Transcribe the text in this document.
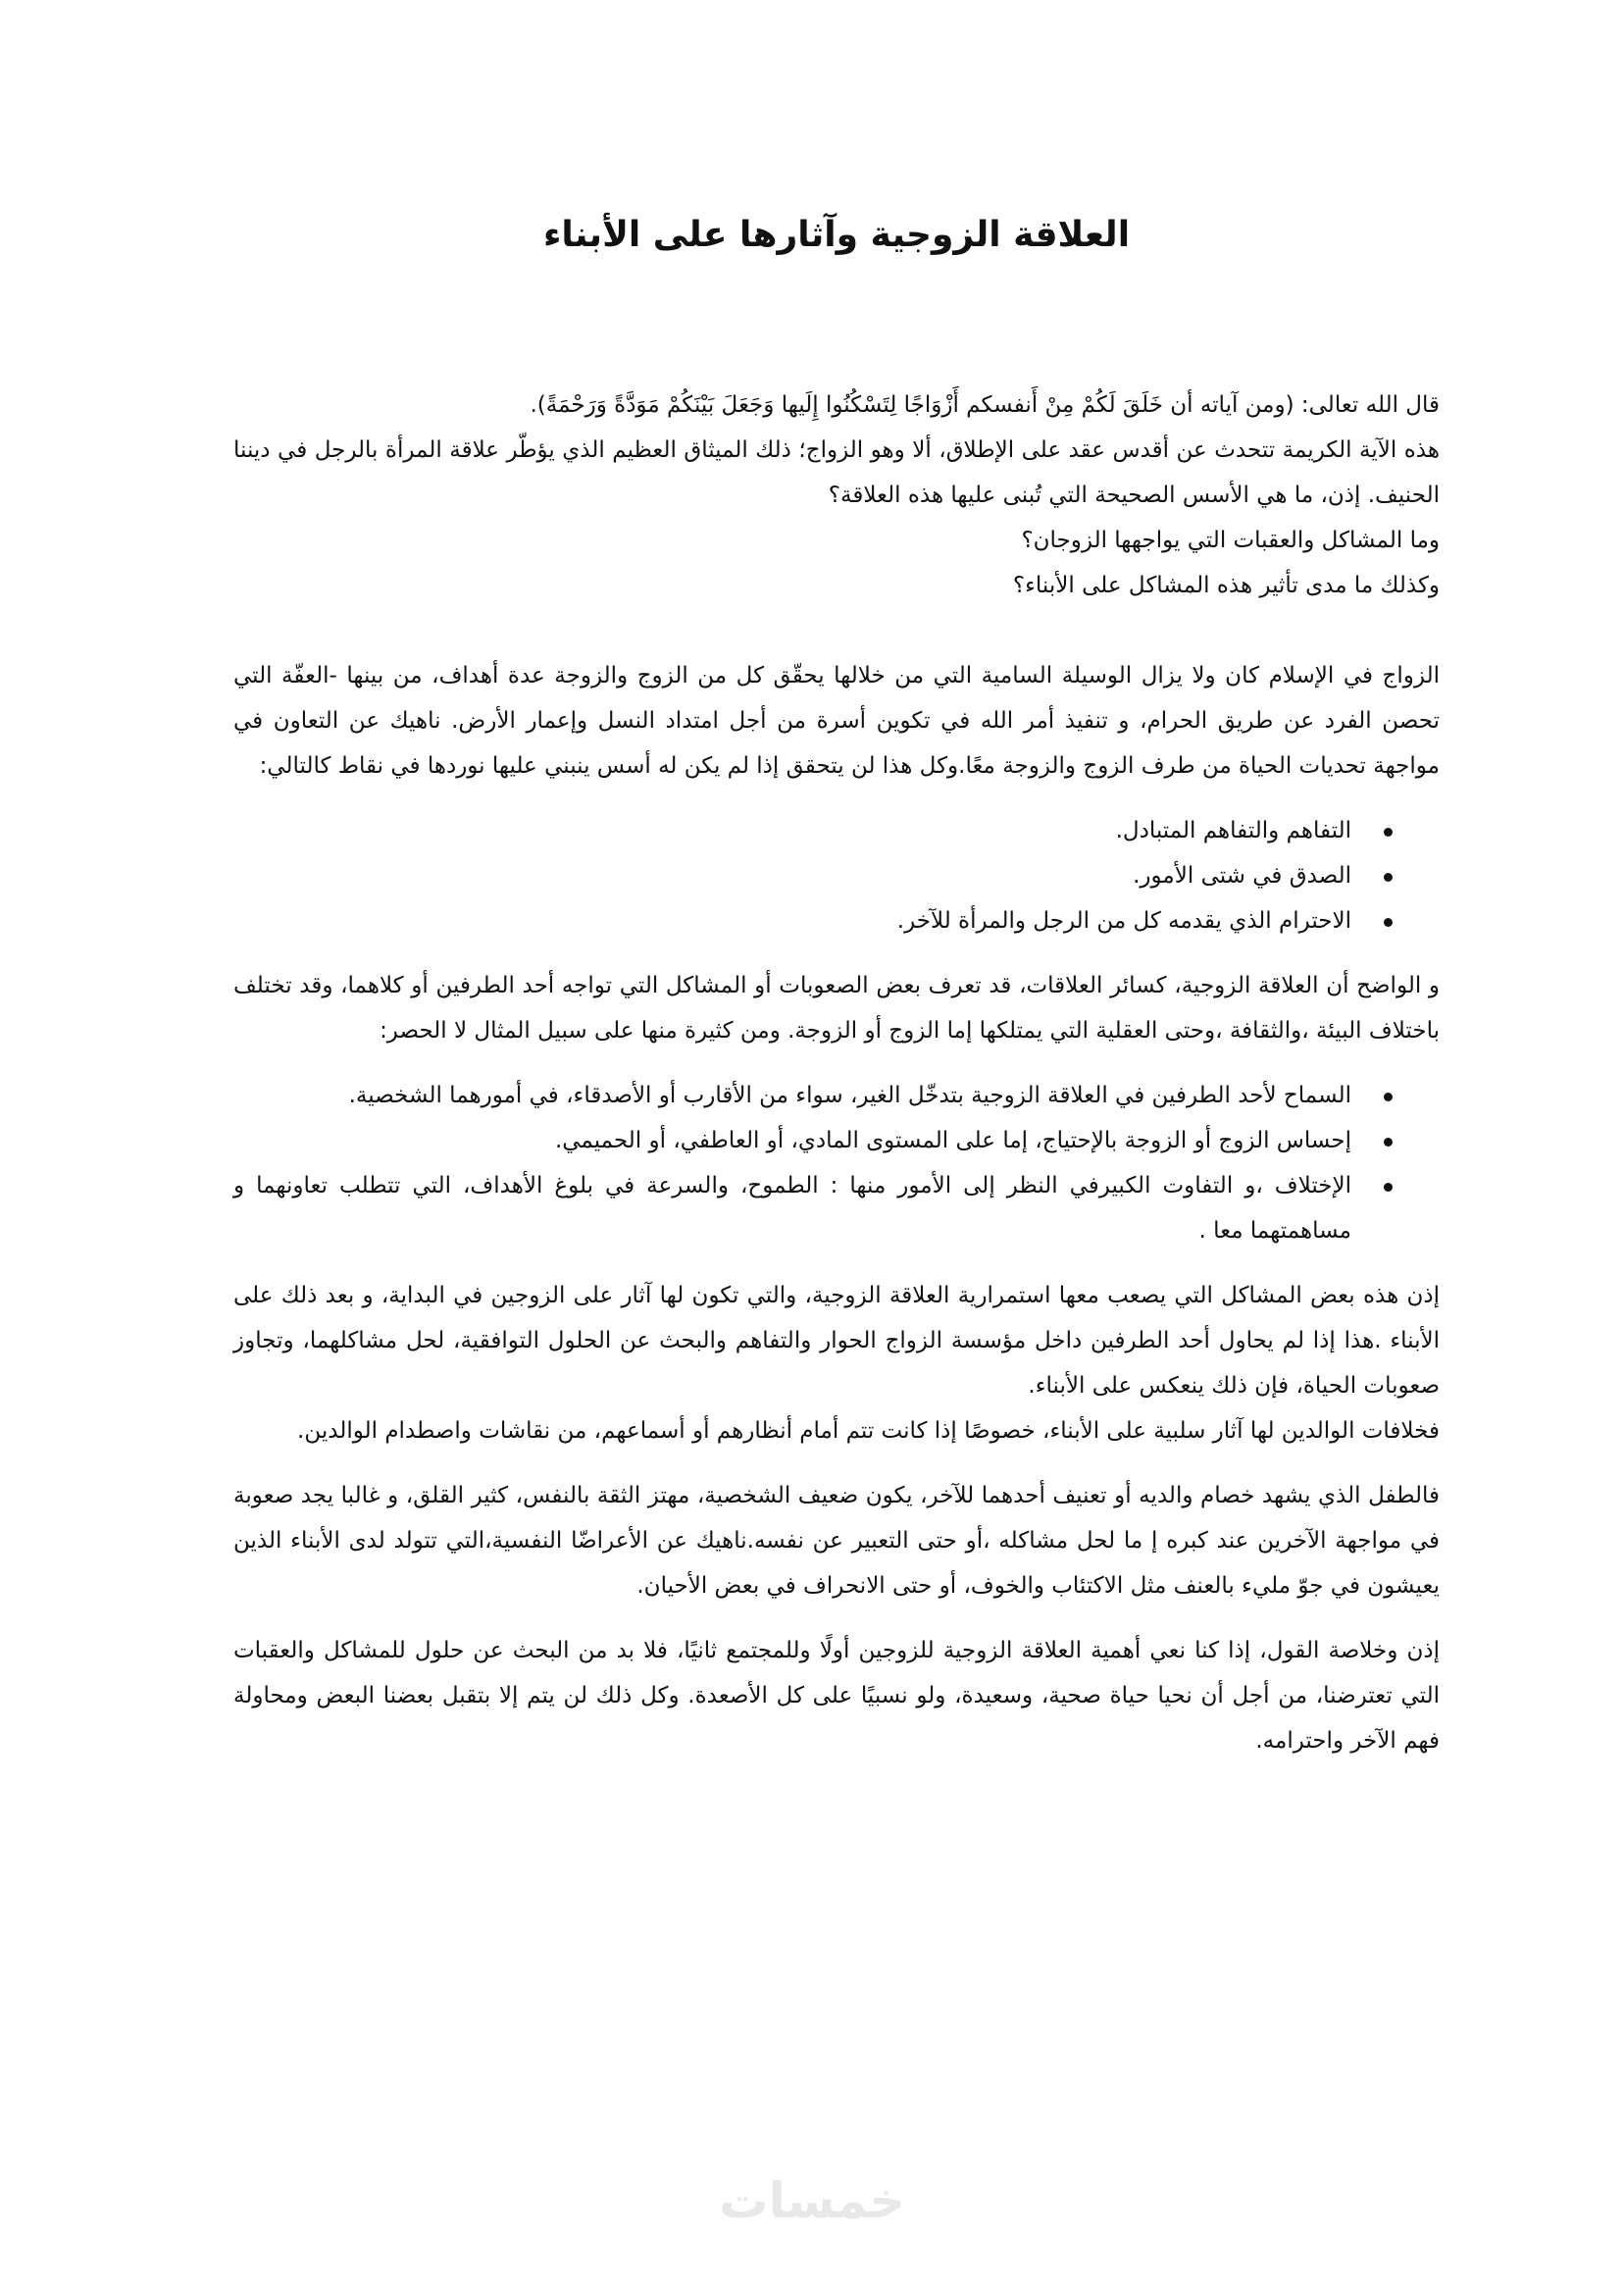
العلاقة الزوجية وآثارها على الأبناء

قال الله تعالى: (ومن آياته أن خَلَقَ لَكُمْ مِنْ أَنفسكم أَزْوَاجًا لِتَسْكُنُوا إِلَيها وَجَعَلَ بَيْنَكُمْ مَوَدَّةً وَرَحْمَةً).

هذه الآية الكريمة تتحدث عن أقدس عقد على الإطلاق، ألا وهو الزواج؛ ذلك الميثاق العظيم الذي يؤطّر علاقة المرأة بالرجل في ديننا الحنيف. إذن، ما هي الأسس الصحيحة التي تُبنى عليها هذه العلاقة؟

وما المشاكل والعقبات التي يواجهها الزوجان؟

وكذلك ما مدى تأثير هذه المشاكل على الأبناء؟

الزواج في الإسلام كان ولا يزال الوسيلة السامية التي من خلالها يحقّق كل من الزوج والزوجة عدة أهداف، من بينها -العفّة التي تحصن الفرد عن طريق الحرام، و تنفيذ أمر الله في تكوين أسرة من أجل امتداد النسل وإعمار الأرض. ناهيك عن التعاون في مواجهة تحديات الحياة من طرف الزوج والزوجة معًا.وكل هذا لن يتحقق إذا لم يكن له أسس ينبني عليها نوردها في نقاط كالتالي:

التفاهم والتفاهم المتبادل.
الصدق في شتى الأمور.
الاحترام الذي يقدمه كل من الرجل والمرأة للآخر.

و الواضح أن العلاقة الزوجية، كسائر العلاقات، قد تعرف بعض الصعوبات أو المشاكل التي تواجه أحد الطرفين أو كلاهما، وقد تختلف باختلاف البيئة ،والثقافة ،وحتى العقلية التي يمتلكها إما الزوج أو الزوجة. ومن كثيرة منها على سبيل المثال لا الحصر:

السماح لأحد الطرفين في العلاقة الزوجية بتدخّل الغير، سواء من الأقارب أو الأصدقاء، في أمورهما الشخصية.
إحساس الزوج أو الزوجة بالإحتياج، إما على المستوى المادي، أو العاطفي، أو الحميمي.
الإختلاف ،و التفاوت الكبيرفي النظر إلى الأمور منها : الطموح، والسرعة في بلوغ الأهداف، التي تتطلب تعاونهما و مساهمتهما معا .

إذن هذه بعض المشاكل التي يصعب معها استمرارية العلاقة الزوجية، والتي تكون لها آثار على الزوجين في البداية، و بعد ذلك على الأبناء .هذا إذا لم يحاول أحد الطرفين داخل مؤسسة الزواج الحوار والتفاهم والبحث عن الحلول التوافقية، لحل مشاكلهما، وتجاوز صعوبات الحياة، فإن ذلك ينعكس على الأبناء.

فخلافات الوالدين لها آثار سلبية على الأبناء، خصوصًا إذا كانت تتم أمام أنظارهم أو أسماعهم، من نقاشات واصطدام الوالدين.

فالطفل الذي يشهد خصام والديه أو تعنيف أحدهما للآخر، يكون ضعيف الشخصية، مهتز الثقة بالنفس، كثير القلق، و غالبا يجد صعوبة في مواجهة الآخرين عند كبره إ ما لحل مشاكله ،أو حتى التعبير عن نفسه.ناهيك عن الأعراضّا النفسية،التي تتولد لدى الأبناء الذين يعيشون في جوّ مليء بالعنف مثل الاكتئاب والخوف، أو حتى الانحراف في بعض الأحيان.

إذن وخلاصة القول، إذا كنا نعي أهمية العلاقة الزوجية للزوجين أولًا وللمجتمع ثانيًا، فلا بد من البحث عن حلول للمشاكل والعقبات التي تعترضنا، من أجل أن نحيا حياة صحية، وسعيدة، ولو نسبيًا على كل الأصعدة. وكل ذلك لن يتم إلا بتقبل بعضنا البعض ومحاولة فهم الآخر واحترامه.

خمسات
